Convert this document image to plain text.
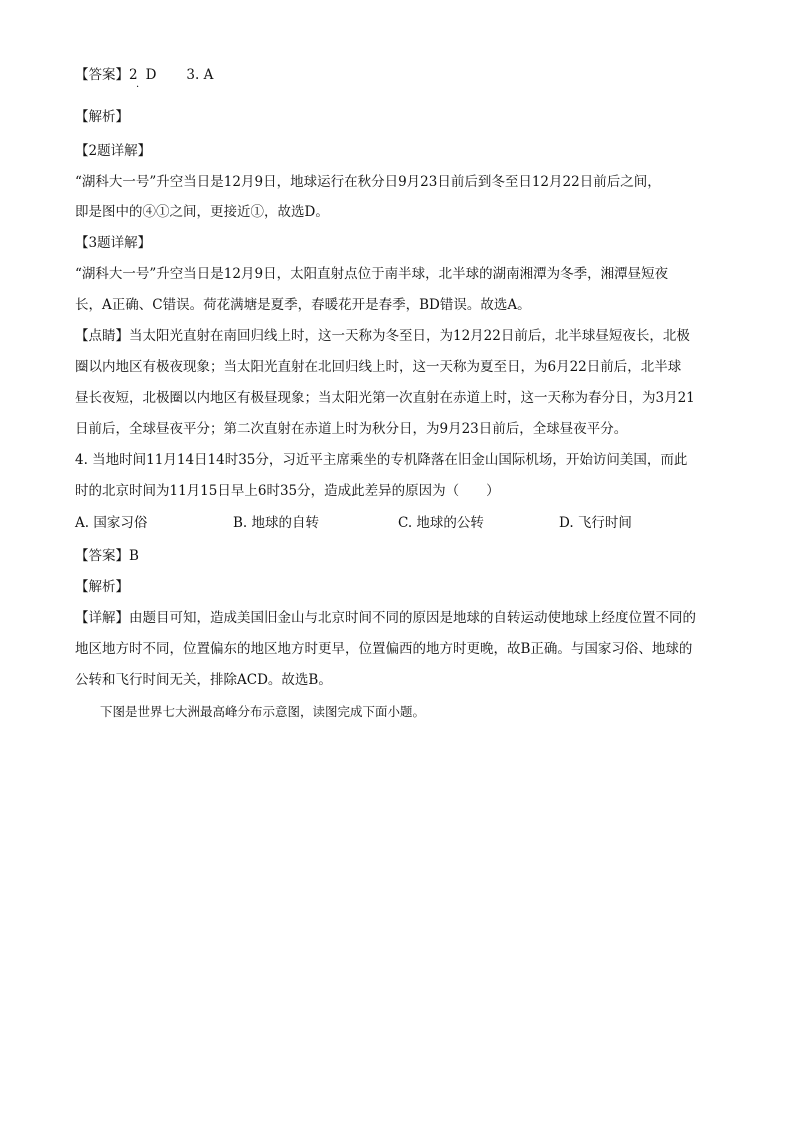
【答案】2 D 3. A
·
【解析】
【2题详解】
“湖科大一号”升空当日是12月9日，地球运行在秋分日9月23日前后到冬至日12月22日前后之间，
即是图中的④①之间，更接近①，故选D。
【3题详解】
“湖科大一号”升空当日是12月9日，太阳直射点位于南半球，北半球的湖南湘潭为冬季，湘潭昼短夜
长，A正确、C错误。荷花满塘是夏季，春暖花开是春季，BD错误。故选A。
【点睛】当太阳光直射在南回归线上时，这一天称为冬至日，为12月22日前后，北半球昼短夜长，北极
圈以内地区有极夜现象；当太阳光直射在北回归线上时，这一天称为夏至日，为6月22日前后，北半球
昼长夜短，北极圈以内地区有极昼现象；当太阳光第一次直射在赤道上时，这一天称为春分日，为3月21
日前后，全球昼夜平分；第二次直射在赤道上时为秋分日，为9月23日前后，全球昼夜平分。
4. 当地时间11月14日14时35分，习近平主席乘坐的专机降落在旧金山国际机场，开始访问美国，而此
时的北京时间为11月15日早上6时35分，造成此差异的原因为（　　）
A. 国家习俗	B. 地球的自转	C. 地球的公转	D. 飞行时间
【答案】B
【解析】
【详解】由题目可知，造成美国旧金山与北京时间不同的原因是地球的自转运动使地球上经度位置不同的
地区地方时不同，位置偏东的地区地方时更早，位置偏西的地方时更晚，故B正确。与国家习俗、地球的
公转和飞行时间无关，排除ACD。故选B。
下图是世界七大洲最高峰分布示意图，读图完成下面小题。
